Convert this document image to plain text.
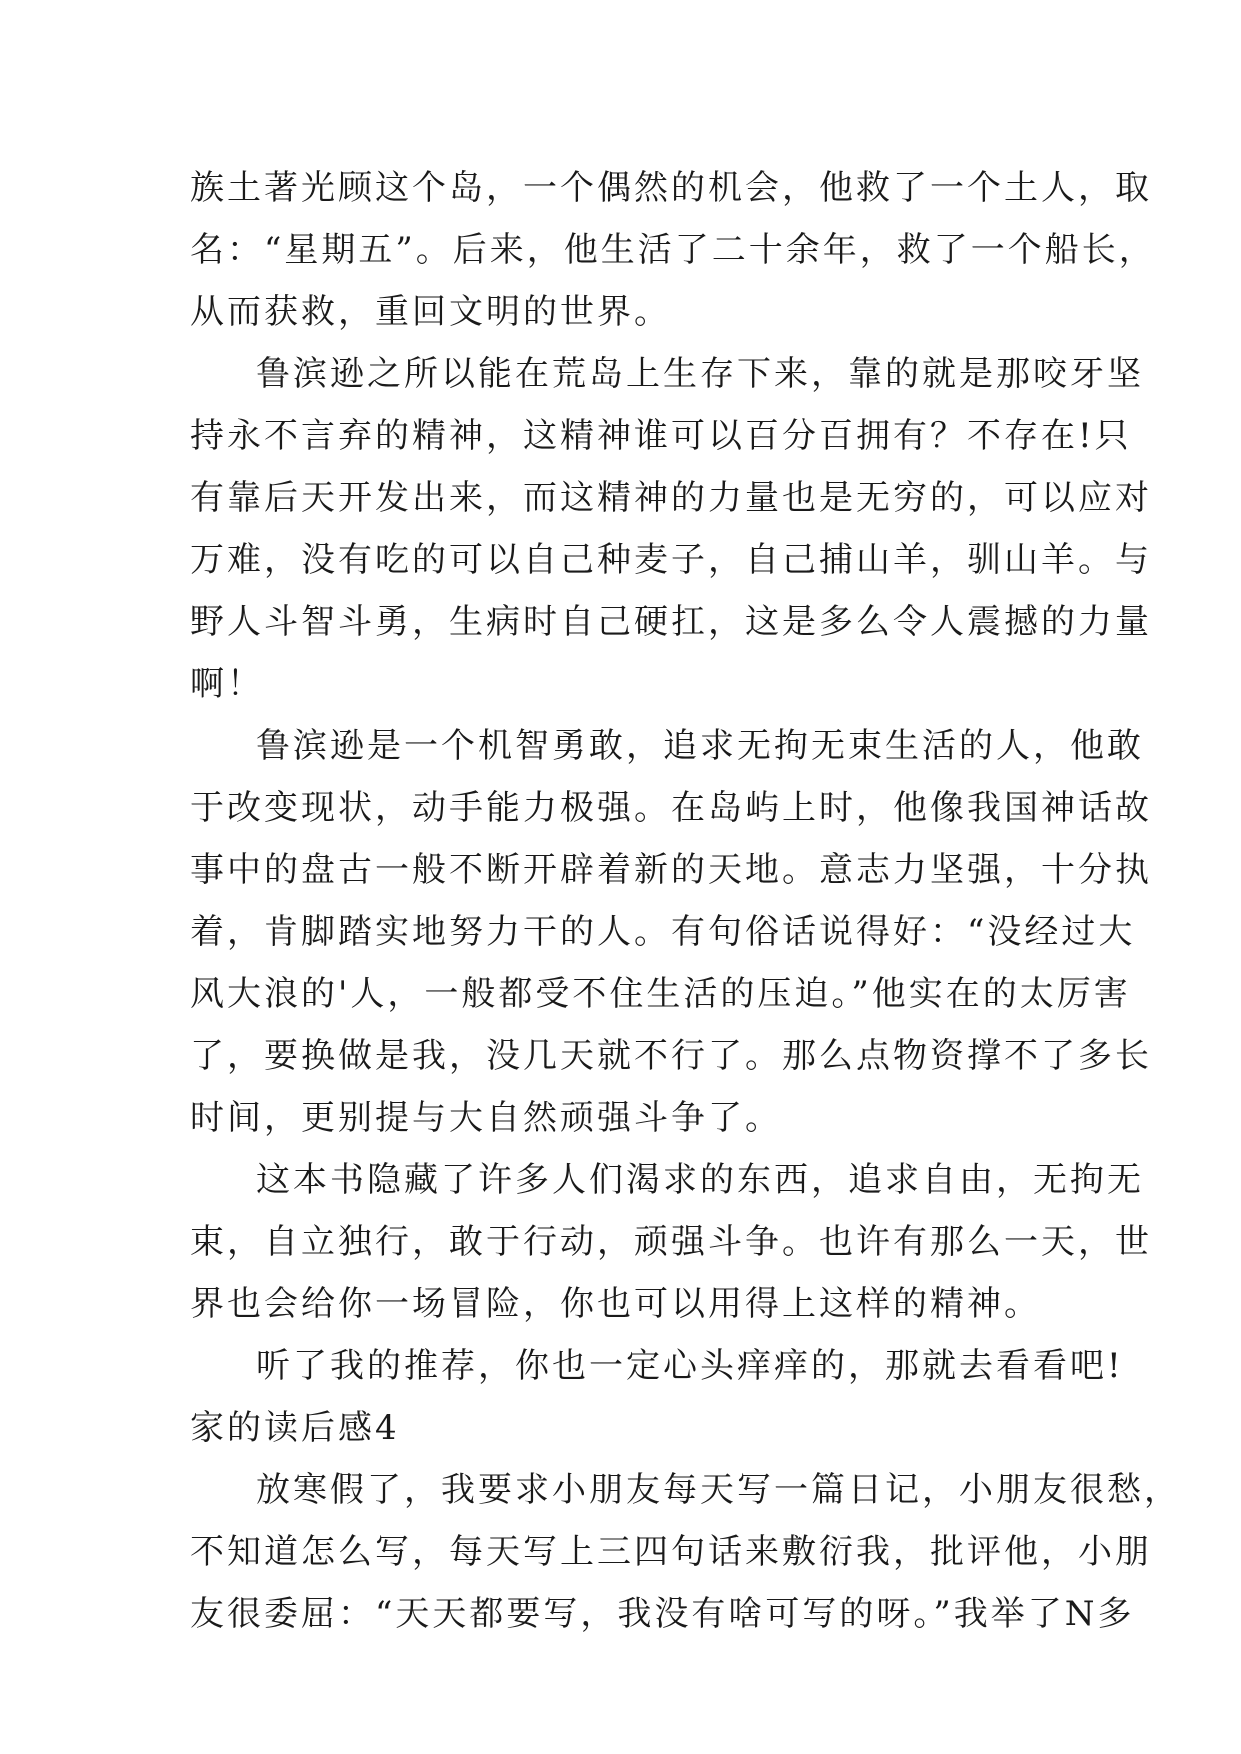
族土著光顾这个岛，一个偶然的机会，他救了一个土人，取
名：“星期五”。后来，他生活了二十余年，救了一个船长，
从而获救，重回文明的世界。
鲁滨逊之所以能在荒岛上生存下来，靠的就是那咬牙坚
持永不言弃的精神，这精神谁可以百分百拥有？不存在!只
有靠后天开发出来，而这精神的力量也是无穷的，可以应对
万难，没有吃的可以自己种麦子，自己捕山羊，驯山羊。与
野人斗智斗勇，生病时自己硬扛，这是多么令人震撼的力量
啊！
鲁滨逊是一个机智勇敢，追求无拘无束生活的人，他敢
于改变现状，动手能力极强。在岛屿上时，他像我国神话故
事中的盘古一般不断开辟着新的天地。意志力坚强，十分执
着，肯脚踏实地努力干的人。有句俗话说得好：“没经过大
风大浪的'人，一般都受不住生活的压迫。”他实在的太厉害
了，要换做是我，没几天就不行了。那么点物资撑不了多长
时间，更别提与大自然顽强斗争了。
这本书隐藏了许多人们渴求的东西，追求自由，无拘无
束，自立独行，敢于行动，顽强斗争。也许有那么一天，世
界也会给你一场冒险，你也可以用得上这样的精神。
听了我的推荐，你也一定心头痒痒的，那就去看看吧!
家的读后感4
放寒假了，我要求小朋友每天写一篇日记，小朋友很愁，
不知道怎么写，每天写上三四句话来敷衍我，批评他，小朋
友很委屈：“天天都要写，我没有啥可写的呀。”我举了N多
